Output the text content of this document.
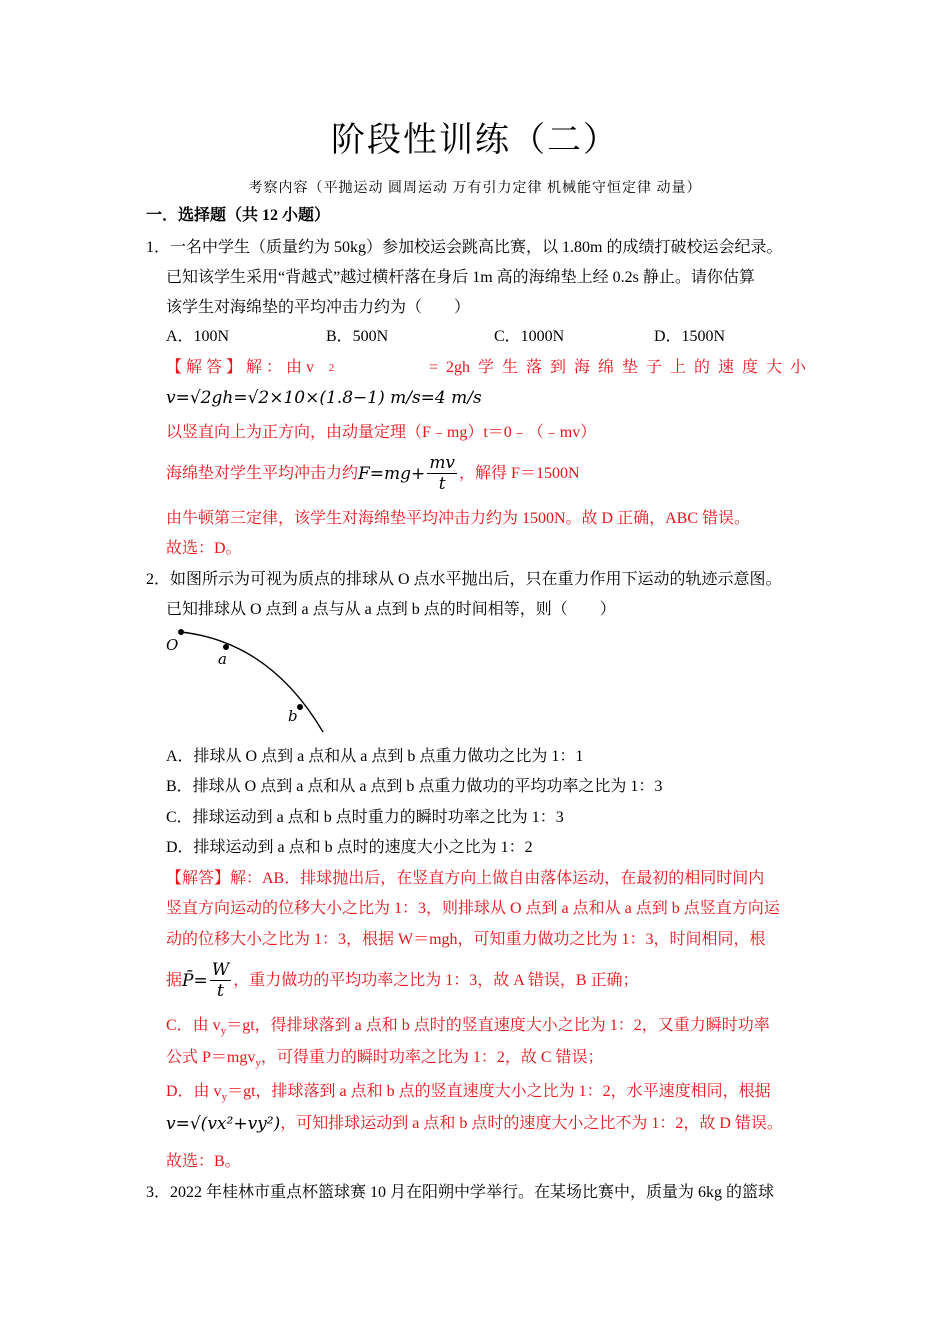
阶段性训练（二）
考察内容（平抛运动 圆周运动 万有引力定律 机械能守恒定律 动量）
一．选择题（共 12 小题）
1．一名中学生（质量约为 50kg）参加校运会跳高比赛，以 1.80m 的成绩打破校运会纪录。
已知该学生采用“背越式”越过横杆落在身后 1m 高的海绵垫上经 0.2s 静止。请你估算
该学生对海绵垫的平均冲击力约为（　　）
A．100N	B．500N	C．1000N	D．1500N
【 解 答 】 解 ： 由 v 2	= 2gh 学 生 落 到 海 绵 垫 子 上 的 速 度 大 小
v=√2gh=√2×10×(1.8−1) m/s=4 m/s
以竖直向上为正方向，由动量定理（F﹣mg）t＝0﹣（﹣mv）
海绵垫对学生平均冲击力约 $F=mg+ \frac{mv}{t}$ ，解得 F＝1500N
由牛顿第三定律，该学生对海绵垫平均冲击力约为 1500N。故 D 正确，ABC 错误。
故选：D。
2．如图所示为可视为质点的排球从 O 点水平抛出后，只在重力作用下运动的轨迹示意图。
已知排球从 O 点到 a 点与从 a 点到 b 点的时间相等，则（　　）
O
a
b
A．排球从 O 点到 a 点和从 a 点到 b 点重力做功之比为 1：1
B．排球从 O 点到 a 点和从 a 点到 b 点重力做功的平均功率之比为 1：3
C．排球运动到 a 点和 b 点时重力的瞬时功率之比为 1：3
D．排球运动到 a 点和 b 点时的速度大小之比为 1：2
【解答】解：AB．排球抛出后，在竖直方向上做自由落体运动，在最初的相同时间内
竖直方向运动的位移大小之比为 1：3，则排球从 O 点到 a 点和从 a 点到 b 点竖直方向运
动的位移大小之比为 1：3，根据 W＝mgh，可知重力做功之比为 1：3，时间相同，根
据 P̄= $\frac{W}{t}$ ，重力做功的平均功率之比为 1：3，故 A 错误，B 正确；
C．由 $v_y=gt$，得排球落到 a 点和 b 点时的竖直速度大小之比为 1：2，又重力瞬时功率
公式 P＝mgv$_y$，可得重力的瞬时功率之比为 1：2，故 C 错误；
D．由 $v_y=gt$，排球落到 a 点和 b 点的竖直速度大小之比为 1：2，水平速度相同，根据
v=√(vx²+vy²) ，可知排球运动到 a 点和 b 点时的速度大小之比不为 1：2，故 D 错误。
故选：B。
3．2022 年桂林市重点杯篮球赛 10 月在阳朔中学举行。在某场比赛中，质量为 6kg 的篮球
